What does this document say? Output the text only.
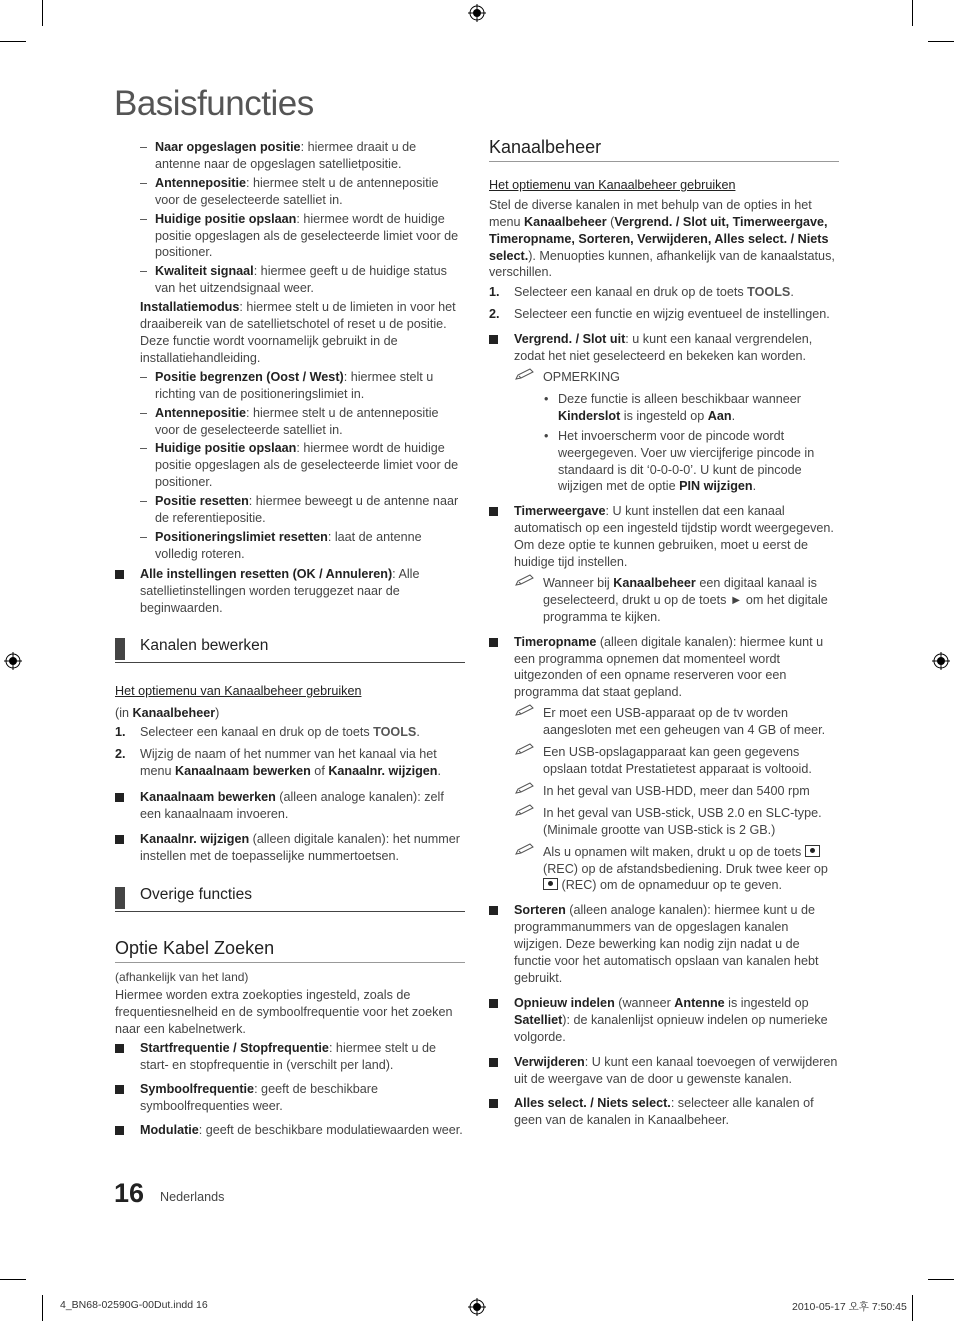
Basisfuncties
– Naar opgeslagen positie: hiermee draait u de antenne naar de opgeslagen satellietpositie.
– Antennepositie: hiermee stelt u de antennepositie voor de geselecteerde satelliet in.
– Huidige positie opslaan: hiermee wordt de huidige positie opgeslagen als de geselecteerde limiet voor de positioner.
– Kwaliteit signaal: hiermee geeft u de huidige status van het uitzendsignaal weer.
Installatiemodus: hiermee stelt u de limieten in voor het draaibereik van de satellietschotel of reset u de positie. Deze functie wordt voornamelijk gebruikt in de installatiehandleiding.
– Positie begrenzen (Oost / West): hiermee stelt u richting van de positioneringslimiet in.
– Antennepositie: hiermee stelt u de antennepositie voor de geselecteerde satelliet in.
– Huidige positie opslaan: hiermee wordt de huidige positie opgeslagen als de geselecteerde limiet voor de positioner.
– Positie resetten: hiermee beweegt u de antenne naar de referentiepositie.
– Positioneringslimiet resetten: laat de antenne volledig roteren.
Alle instellingen resetten (OK / Annuleren): Alle satellietinstellingen worden teruggezet naar de beginwaarden.
Kanalen bewerken
Het optiemenu van Kanaalbeheer gebruiken
(in Kanaalbeheer)
1. Selecteer een kanaal en druk op de toets TOOLS.
2. Wijzig de naam of het nummer van het kanaal via het menu Kanaalnaam bewerken of Kanaalnr. wijzigen.
Kanaalnaam bewerken (alleen analoge kanalen): zelf een kanaalnaam invoeren.
Kanaalnr. wijzigen (alleen digitale kanalen): het nummer instellen met de toepasselijke nummertoetsen.
Overige functies
Optie Kabel Zoeken
(afhankelijk van het land)
Hiermee worden extra zoekopties ingesteld, zoals de frequentiesnelheid en de symboolfrequentie voor het zoeken naar een kabelnetwerk.
Startfrequentie / Stopfrequentie: hiermee stelt u de start- en stopfrequentie in (verschilt per land).
Symboolfrequentie: geeft de beschikbare symboolfrequenties weer.
Modulatie: geeft de beschikbare modulatiewaarden weer.
Kanaalbeheer
Het optiemenu van Kanaalbeheer gebruiken
Stel de diverse kanalen in met behulp van de opties in het menu Kanaalbeheer (Vergrend. / Slot uit, Timerweergave, Timeropname, Sorteren, Verwijderen, Alles select. / Niets select.). Menuopties kunnen, afhankelijk van de kanaalstatus, verschillen.
1. Selecteer een kanaal en druk op de toets TOOLS.
2. Selecteer een functie en wijzig eventueel de instellingen.
Vergrend. / Slot uit: u kunt een kanaal vergrendelen, zodat het niet geselecteerd en bekeken kan worden.
OPMERKING
• Deze functie is alleen beschikbaar wanneer Kinderslot is ingesteld op Aan.
• Het invoerscherm voor de pincode wordt weergegeven. Voer uw viercijferige pincode in standaard is dit ‘0-0-0-0’. U kunt de pincode wijzigen met de optie PIN wijzigen.
Timerweergave: U kunt instellen dat een kanaal automatisch op een ingesteld tijdstip wordt weergegeven. Om deze optie te kunnen gebruiken, moet u eerst de huidige tijd instellen.
Wanneer bij Kanaalbeheer een digitaal kanaal is geselecteerd, drukt u op de toets ► om het digitale programma te kijken.
Timeropname (alleen digitale kanalen): hiermee kunt u een programma opnemen dat momenteel wordt uitgezonden of een opname reserveren voor een programma dat staat gepland.
Er moet een USB-apparaat op de tv worden aangesloten met een geheugen van 4 GB of meer.
Een USB-opslagapparaat kan geen gegevens opslaan totdat Prestatietest apparaat is voltooid.
In het geval van USB-HDD, meer dan 5400 rpm
In het geval van USB-stick, USB 2.0 en SLC-type. (Minimale grootte van USB-stick is 2 GB.)
Als u opnamen wilt maken, drukt u op de toets  (REC) op de afstandsbediening. Druk twee keer op  (REC) om de opnameduur op te geven.
Sorteren (alleen analoge kanalen): hiermee kunt u de programmanummers van de opgeslagen kanalen wijzigen. Deze bewerking kan nodig zijn nadat u de functie voor het automatisch opslaan van kanalen hebt gebruikt.
Opnieuw indelen (wanneer Antenne is ingesteld op Satelliet): de kanalenlijst opnieuw indelen op numerieke volgorde.
Verwijderen: U kunt een kanaal toevoegen of verwijderen uit de weergave van de door u gewenste kanalen.
Alles select. / Niets select.: selecteer alle kanalen of geen van de kanalen in Kanaalbeheer.
16 Nederlands
4_BN68-02590G-00Dut.indd 16	2010-05-17 오후 7:50:45
